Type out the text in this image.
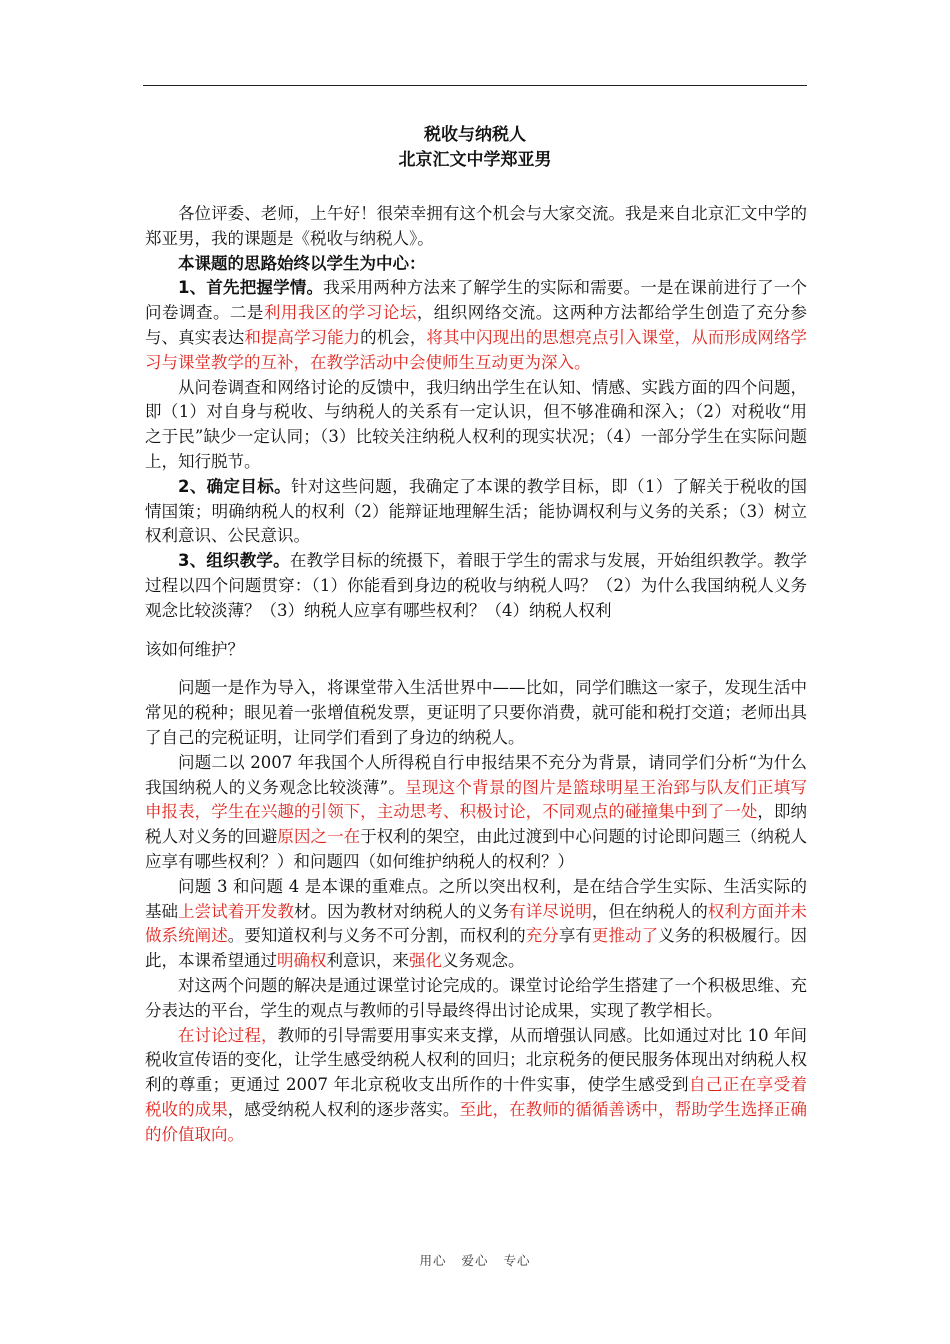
税收与纳税人
北京汇文中学郑亚男

各位评委、老师，上午好！很荣幸拥有这个机会与大家交流。我是来自北京汇文中学的郑亚男，我的课题是《税收与纳税人》。

本课题的思路始终以学生为中心：

1、首先把握学情。我采用两种方法来了解学生的实际和需要。一是在课前进行了一个问卷调查。二是利用我区的学习论坛，组织网络交流。这两种方法都给学生创造了充分参与、真实表达和提高学习能力的机会，将其中闪现出的思想亮点引入课堂，从而形成网络学习与课堂教学的互补，在教学活动中会使师生互动更为深入。

从问卷调查和网络讨论的反馈中，我归纳出学生在认知、情感、实践方面的四个问题，即（1）对自身与税收、与纳税人的关系有一定认识，但不够准确和深入；（2）对税收“用之于民”缺少一定认同；（3）比较关注纳税人权利的现实状况；（4）一部分学生在实际问题上，知行脱节。

2、确定目标。针对这些问题，我确定了本课的教学目标，即（1）了解关于税收的国情国策；明确纳税人的权利（2）能辩证地理解生活；能协调权利与义务的关系；（3）树立权利意识、公民意识。

3、组织教学。在教学目标的统摄下，着眼于学生的需求与发展，开始组织教学。教学过程以四个问题贯穿：（1）你能看到身边的税收与纳税人吗？（2）为什么我国纳税人义务观念比较淡薄？（3）纳税人应享有哪些权利？（4）纳税人权利

该如何维护？

问题一是作为导入，将课堂带入生活世界中——比如，同学们瞧这一家子，发现生活中常见的税种；眼见着一张增值税发票，更证明了只要你消费，就可能和税打交道；老师出具了自己的完税证明，让同学们看到了身边的纳税人。

问题二以 2007 年我国个人所得税自行申报结果不充分为背景，请同学们分析“为什么我国纳税人的义务观念比较淡薄”。呈现这个背景的图片是篮球明星王治郅与队友们正填写申报表，学生在兴趣的引领下，主动思考、积极讨论，不同观点的碰撞集中到了一处，即纳税人对义务的回避原因之一在于权利的架空，由此过渡到中心问题的讨论即问题三（纳税人应享有哪些权利？）和问题四（如何维护纳税人的权利？）

问题 3 和问题 4 是本课的重难点。之所以突出权利，是在结合学生实际、生活实际的基础上尝试着开发教材。因为教材对纳税人的义务有详尽说明，但在纳税人的权利方面并未做系统阐述。要知道权利与义务不可分割，而权利的充分享有更推动了义务的积极履行。因此，本课希望通过明确权利意识，来强化义务观念。

对这两个问题的解决是通过课堂讨论完成的。课堂讨论给学生搭建了一个积极思维、充分表达的平台，学生的观点与教师的引导最终得出讨论成果，实现了教学相长。

在讨论过程，教师的引导需要用事实来支撑，从而增强认同感。比如通过对比 10 年间税收宣传语的变化，让学生感受纳税人权利的回归；北京税务的便民服务体现出对纳税人权利的尊重；更通过 2007 年北京税收支出所作的十件实事，使学生感受到自己正在享受着税收的成果，感受纳税人权利的逐步落实。至此，在教师的循循善诱中，帮助学生选择正确的价值取向。

用心 爱心 专心
